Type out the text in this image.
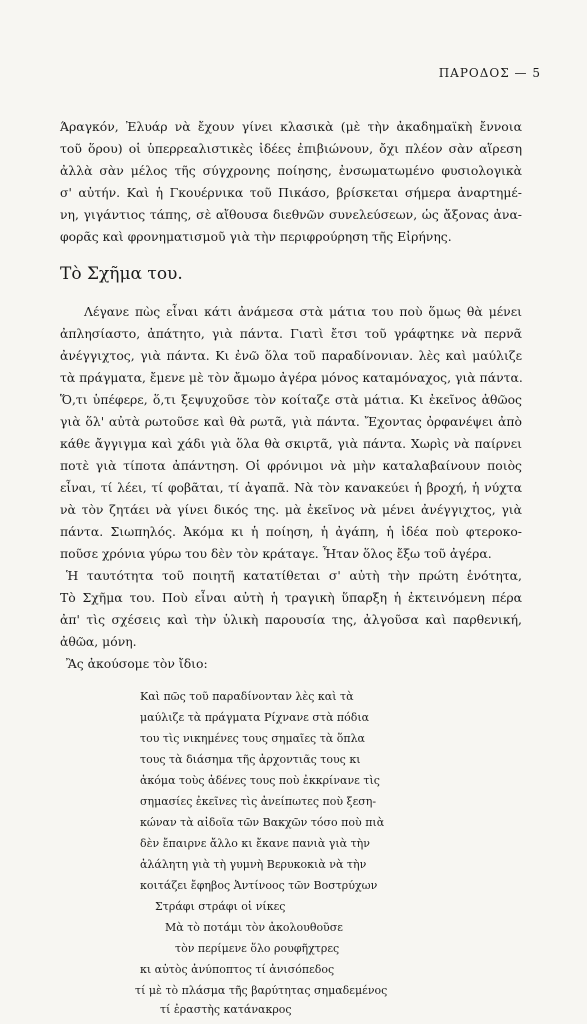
ΠΑΡΟΔΟΣ — 5
Άραγκόν, Ἐλυάρ νὰ ἔχουν γίνει κλασικὰ (μὲ τὴν ἀκαδημαϊκὴ ἔννοια
τοῦ ὅρου) οἱ ὑπερρεαλιστικὲς ἰδέες ἐπιβιώνουν, ὄχι πλέον σὰν αἵρεση
ἀλλὰ σὰν μέλος τῆς σύγχρονης ποίησης, ἐνσωματωμένο φυσιολογικὰ
σ' αὐτήν. Καὶ ἡ Γκουέρνικα τοῦ Πικάσο, βρίσκεται σήμερα ἀναρτημέ-
νη, γιγάντιος τάπης, σὲ αἴθουσα διεθνῶν συνελεύσεων, ὡς ἄξονας ἀνα-
φορᾶς καὶ φρονηματισμοῦ γιὰ τὴν περιφρούρηση τῆς Εἰρήνης.
Τὸ Σχῆμα του.
Λέγανε πὼς εἶναι κάτι ἀνάμεσα στὰ μάτια του ποὺ ὅμως θὰ μένει
ἀπλησίαστο, ἀπάτητο, γιὰ πάντα. Γιατὶ ἔτσι τοῦ γράφτηκε νὰ περνᾶ
ἀνέγγιχτος, γιὰ πάντα. Κι ἐνῶ ὅλα τοῦ παραδίνονιαν. λὲς καὶ μαύλιζε
τὰ πράγματα, ἔμενε μὲ τὸν ἄμωμο ἀγέρα μόνος καταμόναχος, γιὰ πάντα.
Ὅ,τι ὑπέφερε, ὅ,τι ξεψυχοῦσε τὸν κοίταζε στὰ μάτια. Κι ἐκεῖνος ἀθῶος
γιὰ ὅλ' αὐτὰ ρωτοῦσε καὶ θὰ ρωτᾶ, γιὰ πάντα. Ἔχοντας ὀρφανέψει ἀπὸ
κάθε ἄγγιγμα καὶ χάδι γιὰ ὅλα θὰ σκιρτᾶ, γιὰ πάντα. Χωρὶς νὰ παίρνει
ποτὲ γιὰ τίποτα ἀπάντηση. Οἱ φρόνιμοι νὰ μὴν καταλαβαίνουν ποιὸς
εἶναι, τί λέει, τί φοβᾶται, τί ἀγαπᾶ. Νὰ τὸν κανακεύει ἡ βροχή, ἡ νύχτα
νὰ τὸν ζητάει νὰ γίνει δικός της. μὰ ἐκεῖνος νὰ μένει ἀνέγγιχτος, γιὰ
πάντα. Σιωπηλός. Ἀκόμα κι ἡ ποίηση, ἡ ἀγάπη, ἡ ἰδέα ποὺ φτεροκο-
ποῦσε χρόνια γύρω του δὲν τὸν κράταγε. Ἦταν ὅλος ἔξω τοῦ ἀγέρα.
Ἡ ταυτότητα τοῦ ποιητῆ κατατίθεται σ' αὐτὴ τὴν πρώτη ἑνότητα,
Τὸ Σχῆμα του. Ποὺ εἶναι αὐτὴ ἡ τραγικὴ ὕπαρξη ἡ ἐκτεινόμενη πέρα
ἀπ' τὶς σχέσεις καὶ τὴν ὑλικὴ παρουσία της, ἀλγοῦσα καὶ παρθενική,
ἀθῶα, μόνη.
Ἂς ἀκούσομε τὸν ἴδιο:
Καὶ πῶς τοῦ παραδίνονταν λὲς καὶ τὰ
μαύλιζε τὰ πράγματα Ρίχνανε στὰ πόδια
του τὶς νικημένες τους σημαῖες τὰ ὅπλα
τους τὰ διάσημα τῆς ἀρχοντιᾶς τους κι
ἀκόμα τοὺς ἀδένες τους ποὺ ἐκκρίνανε τὶς
σημασίες ἐκεῖνες τὶς ἀνείπωτες ποὺ ξεση-
κώναν τὰ αἰδοῖα τῶν Βακχῶν τόσο ποὺ πιὰ
δὲν ἔπαιρνε ἄλλο κι ἔκανε πανιὰ γιὰ τὴν
ἀλάλητη γιὰ τὴ γυμνὴ Βερυκοκιὰ νὰ τὴν
κοιτάζει ἔφηβος Ἀντίνοος τῶν Βοστρύχων
Στράφι στράφι οἱ νίκες
Μὰ τὸ ποτάμι τὸν ἀκολουθοῦσε
τὸν περίμενε ὅλο ρουφῆχτρες
κι αὐτὸς ἀνύποπτος τί ἀνισόπεδος
τί μὲ τὸ πλάσμα τῆς βαρύτητας σημαδεμένος
τί ἐραστὴς κατάνακρος
